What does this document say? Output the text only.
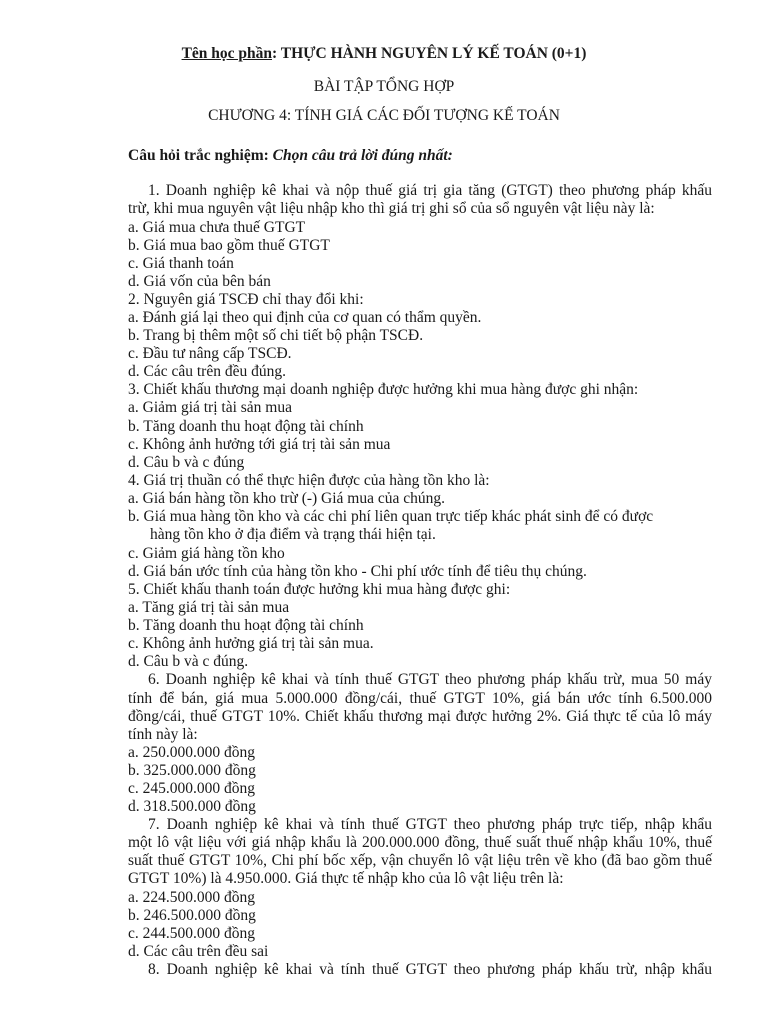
Tên học phần: THỰC HÀNH NGUYÊN LÝ KẾ TOÁN (0+1)
BÀI TẬP TỔNG HỢP
CHƯƠNG 4: TÍNH GIÁ CÁC ĐỐI TƯỢNG KẾ TOÁN
Câu hỏi trắc nghiệm: Chọn câu trả lời đúng nhất:
1. Doanh nghiệp kê khai và nộp thuế giá trị gia tăng (GTGT) theo phương pháp khấu
trừ, khi mua nguyên vật liệu nhập kho thì giá trị ghi sổ của sổ nguyên vật liệu này là:
a. Giá mua chưa thuế GTGT
b. Giá mua bao gồm thuế GTGT
c. Giá thanh toán
d. Giá vốn của bên bán
2. Nguyên giá TSCĐ chỉ thay đổi khi:
a. Đánh giá lại theo qui định của cơ quan có thẩm quyền.
b. Trang bị thêm một số chi tiết bộ phận TSCĐ.
c. Đầu tư nâng cấp TSCĐ.
d. Các câu trên đều đúng.
3. Chiết khấu thương mại doanh nghiệp được hưởng khi mua hàng được ghi nhận:
a. Giảm giá trị tài sản mua
b. Tăng doanh thu hoạt động tài chính
c. Không ảnh hưởng tới giá trị tài sản mua
d. Câu b và c đúng
4. Giá trị thuần có thể thực hiện được của hàng tồn kho là:
a. Giá bán hàng tồn kho trừ (-) Giá mua của chúng.
b. Giá mua hàng tồn kho và các chi phí liên quan trực tiếp khác phát sinh để có được
hàng tồn kho ở địa điểm và trạng thái hiện tại.
c. Giảm giá hàng tồn kho
d. Giá bán ước tính của hàng tồn kho - Chi phí ước tính để tiêu thụ chúng.
5. Chiết khấu thanh toán được hưởng khi mua hàng được ghi:
a. Tăng giá trị tài sản mua
b. Tăng doanh thu hoạt động tài chính
c. Không ảnh hưởng giá trị tài sản mua.
d. Câu b và c đúng.
6. Doanh nghiệp kê khai và tính thuế GTGT theo phương pháp khấu trừ, mua 50 máy
tính để bán, giá mua 5.000.000 đồng/cái, thuế GTGT 10%, giá bán ước tính 6.500.000
đồng/cái, thuế GTGT 10%. Chiết khấu thương mại được hưởng 2%. Giá thực tế của lô máy
tính này là:
a. 250.000.000 đồng
b. 325.000.000 đồng
c. 245.000.000 đồng
d. 318.500.000 đồng
7. Doanh nghiệp kê khai và tính thuế GTGT theo phương pháp trực tiếp, nhập khẩu
một lô vật liệu với giá nhập khẩu là 200.000.000 đồng, thuế suất thuế nhập khẩu 10%, thuế
suất thuế GTGT 10%, Chi phí bốc xếp, vận chuyển lô vật liệu trên về kho (đã bao gồm thuế
GTGT 10%) là 4.950.000. Giá thực tế nhập kho của lô vật liệu trên là:
a. 224.500.000 đồng
b. 246.500.000 đồng
c. 244.500.000 đồng
d. Các câu trên đều sai
8. Doanh nghiệp kê khai và tính thuế GTGT theo phương pháp khấu trừ, nhập khẩu
